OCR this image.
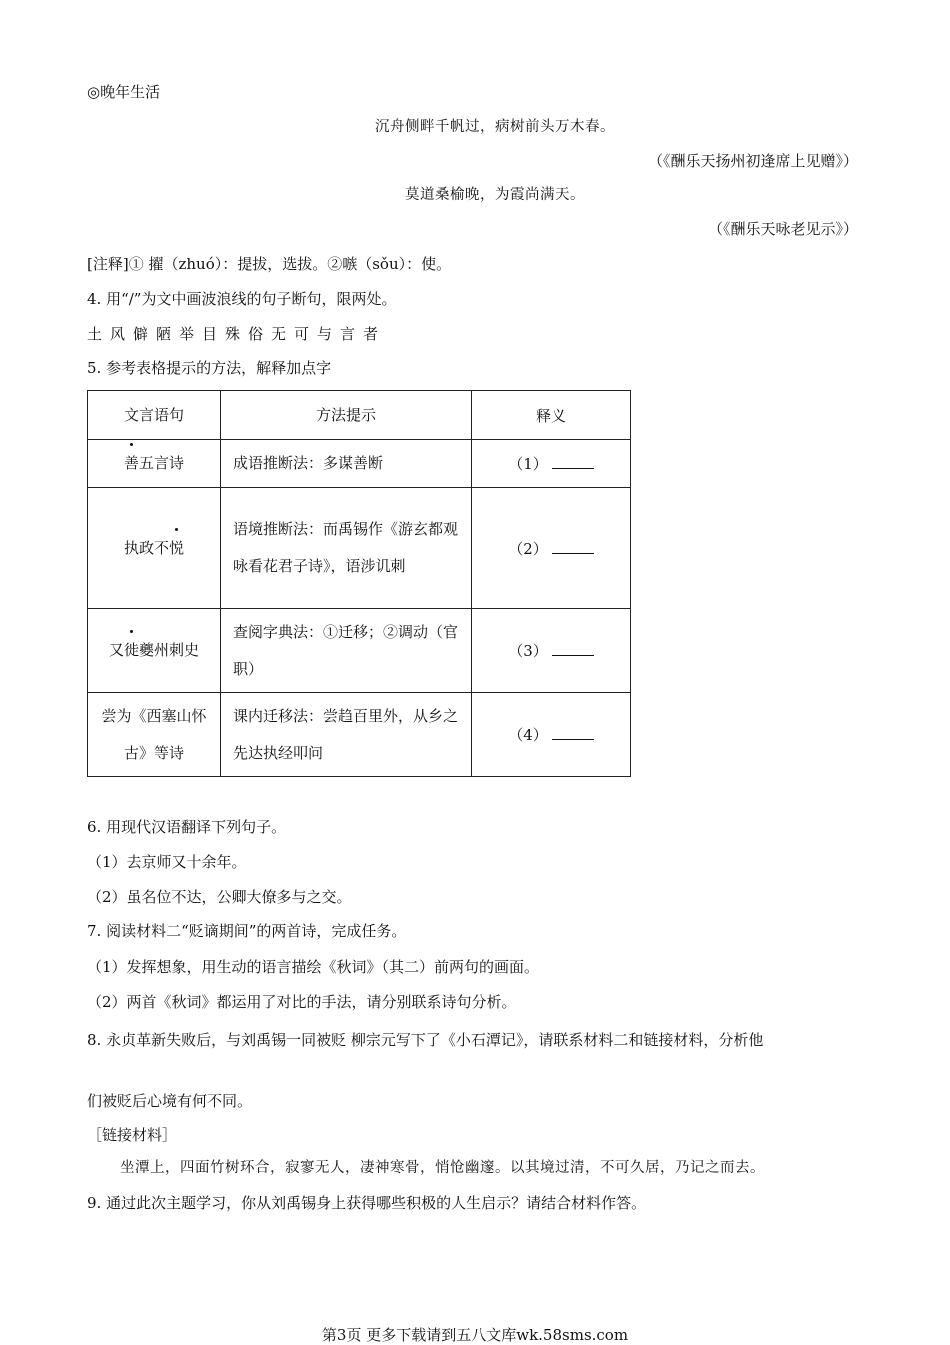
◎晚年生活
沉舟侧畔千帆过，病树前头万木春。
（《酬乐天扬州初逢席上见赠》）
莫道桑榆晚，为霞尚满天。
（《酬乐天咏老见示》）
[注释]① 擢（zhuó）：提拔，选拔。②嗾（sǒu）：使。
4. 用“/”为文中画波浪线的句子断句，限两处。
土风僻陋举目殊俗无可与言者
5. 参考表格提示的方法，解释加点字
文言语句	方法提示	释义
善五言诗	成语推断法：多谋善断	（1）
执政不悦	语境推断法：而禹锡作《游玄都观咏看花君子诗》，语涉讥刺	（2）
又徙夔州刺史	查阅字典法：①迁移；②调动（官职）	（3）
尝为《西塞山怀古》等诗	课内迁移法：尝趋百里外，从乡之先达执经叩问	（4）
6. 用现代汉语翻译下列句子。
（1）去京师又十余年。
（2）虽名位不达，公卿大僚多与之交。
7. 阅读材料二“贬谪期间”的两首诗，完成任务。
（1）发挥想象，用生动的语言描绘《秋词》（其二）前两句的画面。
（2）两首《秋词》都运用了对比的手法，请分别联系诗句分析。
8. 永贞革新失败后，与刘禹锡一同被贬 柳宗元写下了《小石潭记》，请联系材料二和链接材料，分析他
们被贬后心境有何不同。
［链接材料］
坐潭上，四面竹树环合，寂寥无人，凄神寒骨，悄怆幽邃。以其境过清，不可久居，乃记之而去。
9. 通过此次主题学习，你从刘禹锡身上获得哪些积极的人生启示？请结合材料作答。
第3页 更多下载请到五八文库wk.58sms.com
